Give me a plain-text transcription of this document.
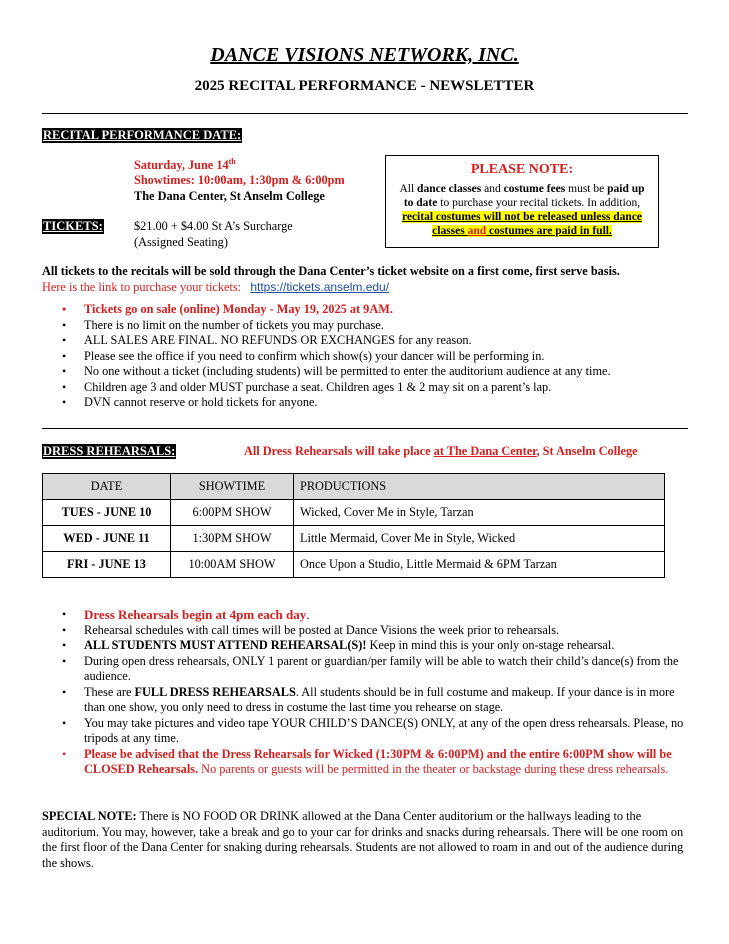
DANCE VISIONS NETWORK, INC.
2025 RECITAL PERFORMANCE - NEWSLETTER
RECITAL PERFORMANCE DATE:
Saturday, June 14th
Showtimes: 10:00am, 1:30pm & 6:00pm
The Dana Center, St Anselm College
PLEASE NOTE:
All dance classes and costume fees must be paid up to date to purchase your recital tickets. In addition, recital costumes will not be released unless dance classes and costumes are paid in full.
TICKETS:	$21.00 + $4.00 St A’s Surcharge
(Assigned Seating)
All tickets to the recitals will be sold through the Dana Center’s ticket website on a first come, first serve basis.
Here is the link to purchase your tickets: https://tickets.anselm.edu/
• Tickets go on sale (online) Monday - May 19, 2025 at 9AM.
• There is no limit on the number of tickets you may purchase.
• ALL SALES ARE FINAL. NO REFUNDS OR EXCHANGES for any reason.
• Please see the office if you need to confirm which show(s) your dancer will be performing in.
• No one without a ticket (including students) will be permitted to enter the auditorium audience at any time.
• Children age 3 and older MUST purchase a seat. Children ages 1 & 2 may sit on a parent’s lap.
• DVN cannot reserve or hold tickets for anyone.
DRESS REHEARSALS:	All Dress Rehearsals will take place at The Dana Center, St Anselm College
DATE	SHOWTIME	PRODUCTIONS
TUES - JUNE 10	6:00PM SHOW	Wicked, Cover Me in Style, Tarzan
WED - JUNE 11	1:30PM SHOW	Little Mermaid, Cover Me in Style, Wicked
FRI - JUNE 13	10:00AM SHOW	Once Upon a Studio, Little Mermaid & 6PM Tarzan
• Dress Rehearsals begin at 4pm each day.
• Rehearsal schedules with call times will be posted at Dance Visions the week prior to rehearsals.
• ALL STUDENTS MUST ATTEND REHEARSAL(S)! Keep in mind this is your only on-stage rehearsal.
• During open dress rehearsals, ONLY 1 parent or guardian/per family will be able to watch their child’s dance(s) from the audience.
• These are FULL DRESS REHEARSALS. All students should be in full costume and makeup. If your dance is in more than one show, you only need to dress in costume the last time you rehearse on stage.
• You may take pictures and video tape YOUR CHILD’S DANCE(S) ONLY, at any of the open dress rehearsals. Please, no tripods at any time.
• Please be advised that the Dress Rehearsals for Wicked (1:30PM & 6:00PM) and the entire 6:00PM show will be CLOSED Rehearsals. No parents or guests will be permitted in the theater or backstage during these dress rehearsals.
SPECIAL NOTE: There is NO FOOD OR DRINK allowed at the Dana Center auditorium or the hallways leading to the auditorium. You may, however, take a break and go to your car for drinks and snacks during rehearsals. There will be one room on the first floor of the Dana Center for snaking during rehearsals. Students are not allowed to roam in and out of the audience during the shows.
